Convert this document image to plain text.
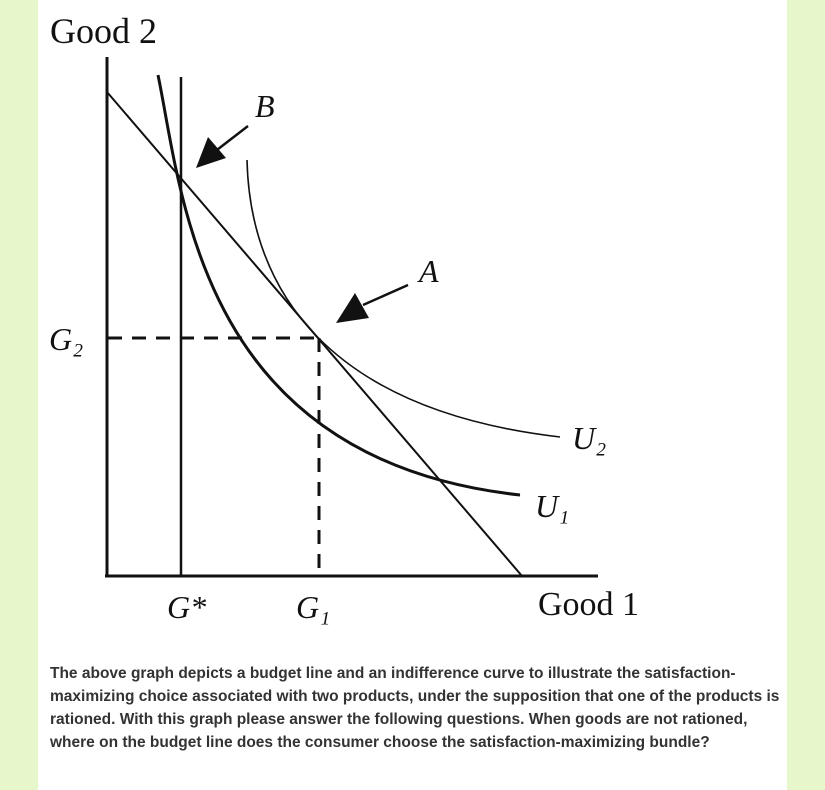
Good 2
Good 1
G₂
G*	G₁
B
A
U₂
U₁

The above graph depicts a budget line and an indifference curve to illustrate the satisfaction-maximizing choice associated with two products, under the supposition that one of the products is rationed. With this graph please answer the following questions. When goods are not rationed, where on the budget line does the consumer choose the satisfaction-maximizing bundle?
